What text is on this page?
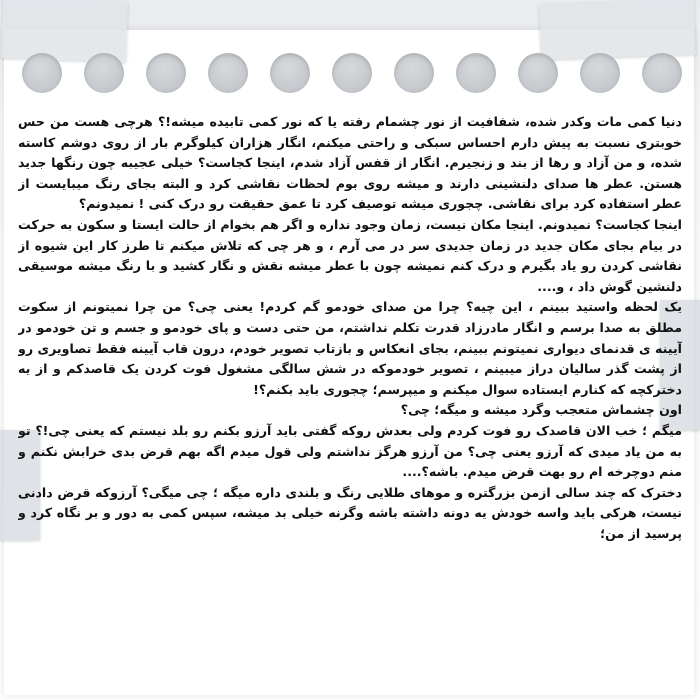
دنیا کمی مات وکدر شده، شفافیت از نور چشمام رفته یا که نور کمی تابیده میشه!؟ هرچی هست من حس خوبتری نسبت به پیش دارم احساس سبکی و راحتی میکنم، انگار هزاران کیلوگرم بار از روی دوشم کاسته شده، و من آزاد و رها از بند و زنجیرم. انگار از قفس آزاد شدم، اینجا کجاست؟ خیلی عجیبه چون رنگها جدید هستن. عطر ها صدای دلنشینی دارند و میشه روی بوم لحظات نقاشی کرد و البته بجای رنگ میبایست از عطر استفاده کرد برای نقاشی. چجوری میشه توصیف کرد تا عمق حقیقت رو درک کنی ! نمیدونم؟

اینجا کجاست؟ نمیدونم. اینجا مکان نیست، زمان وجود نداره و اگر هم بخوام از حالت ایستا و سکون به حرکت در بیام بجای مکان جدید در زمان جدیدی سر در می آرم ، و هر چی که تلاش میکنم تا طرز کار این شیوه از نقاشی کردن رو یاد بگیرم و درک کنم نمیشه چون با عطر میشه نقش و نگار کشید و با رنگ میشه موسیقی دلنشین گوش داد ، و....

یک لحظه واستید ببینم ، این چیه؟ چرا من صدای خودمو گم کردم! یعنی چی؟ من چرا نمیتونم از سکوت مطلق به صدا برسم و انگار مادرزاد قدرت تکلم نداشتم، من حتی دست و پای خودمو و جسم و تن خودمو در آیینه ی قدنمای دیواری نمیتونم ببینم، بجای انعکاس و بازتاب تصویر خودم، درون قاب آیینه فقط تصاویری رو از پشت گذر سالیان دراز میبینم ، تصویر خودموکه در شش سالگی مشغول فوت کردن یک قاصدکم و از یه دخترکچه که کنارم ایستاده سوال میکنم و میپرسم؛ چجوری باید بکنم؟!

اون چشماش متعجب وگرد میشه و میگه؛ چی؟

میگم ؛ خب الان قاصدک رو فوت کردم ولی بعدش روکه گفتی باید آرزو بکنم رو بلد نیستم که یعنی چی!؟ تو به من یاد میدی که آرزو یعنی چی؟ من آرزو هرگز نداشتم ولی قول میدم اگه بهم قرض بدی خرابش نکنم و منم دوچرخه ام رو بهت قرض میدم. باشه؟....

دخترک که چند سالی ازمن بزرگتره و موهای طلایی رنگ و بلندی داره میگه ؛ چی میگی؟ آرزوکه قرض دادنی نیست، هرکی باید واسه خودش یه دونه داشته باشه وگرنه خیلی بد میشه، سپس کمی به دور و بر نگاه کرد و پرسید از من؛
